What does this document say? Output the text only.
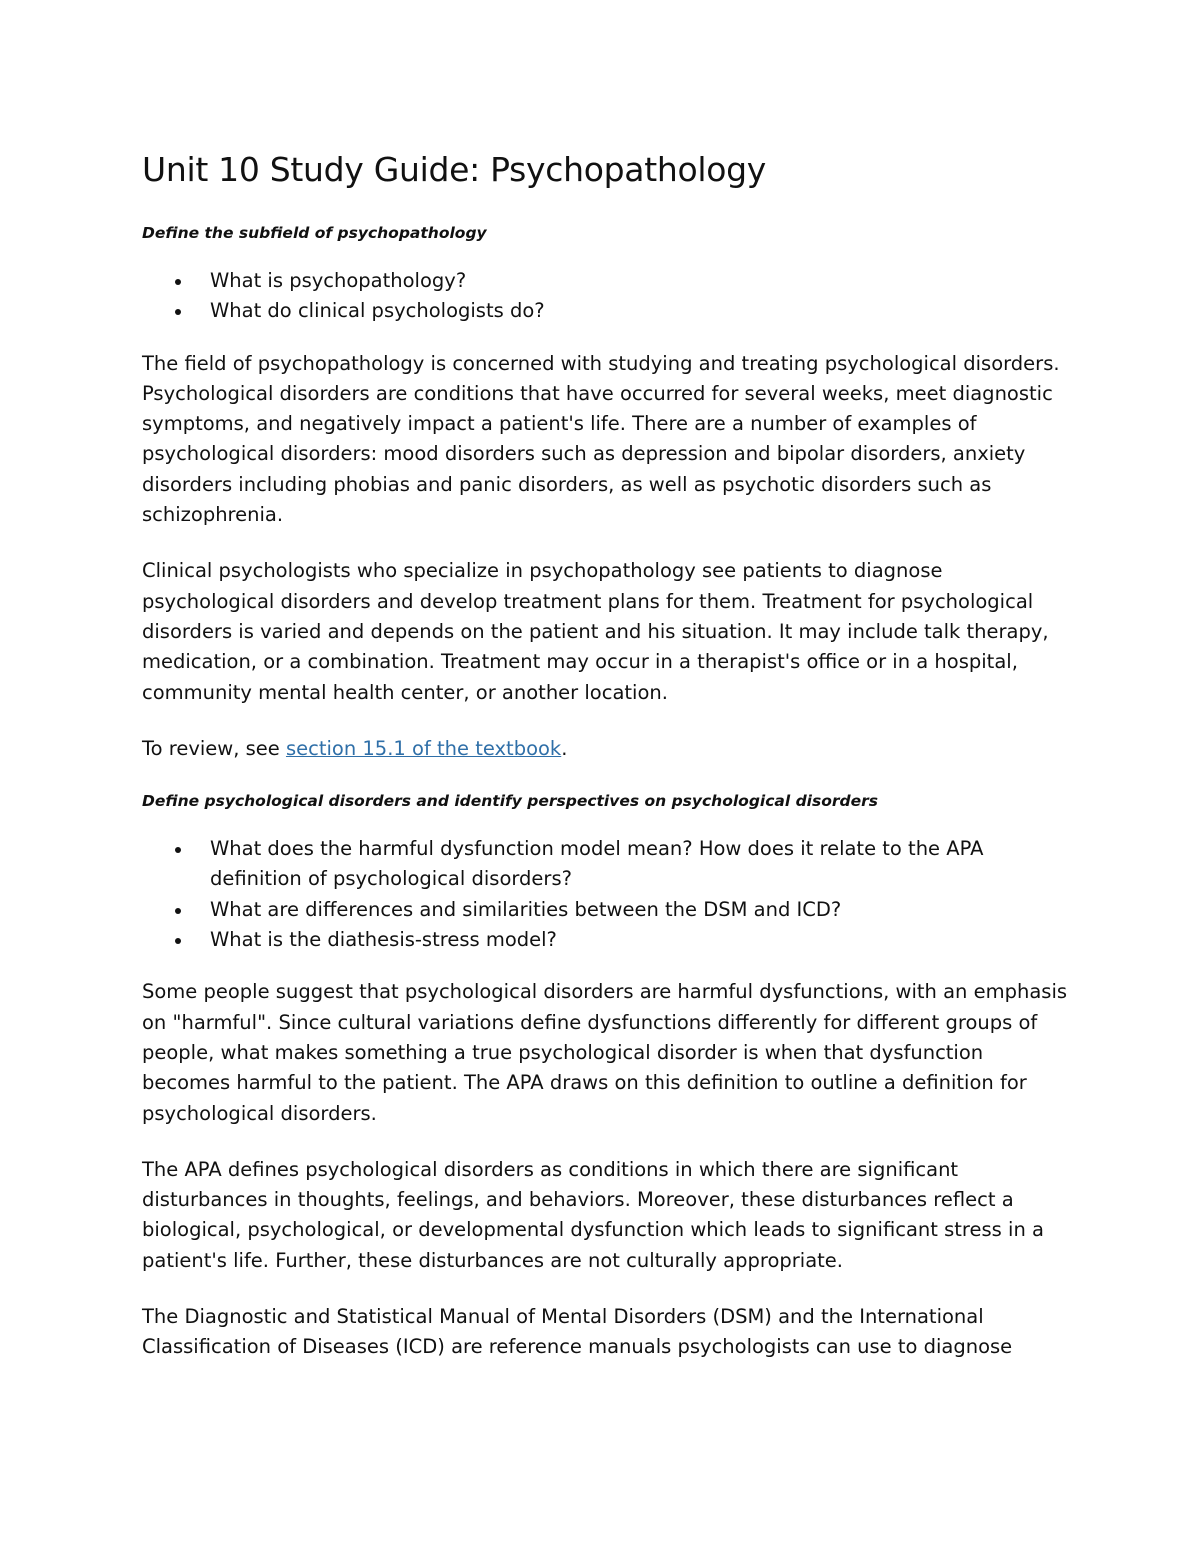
Unit 10 Study Guide: Psychopathology
Define the subfield of psychopathology
What is psychopathology?
What do clinical psychologists do?

The field of psychopathology is concerned with studying and treating psychological disorders. Psychological disorders are conditions that have occurred for several weeks, meet diagnostic symptoms, and negatively impact a patient's life. There are a number of examples of psychological disorders: mood disorders such as depression and bipolar disorders, anxiety disorders including phobias and panic disorders, as well as psychotic disorders such as schizophrenia.

Clinical psychologists who specialize in psychopathology see patients to diagnose psychological disorders and develop treatment plans for them. Treatment for psychological disorders is varied and depends on the patient and his situation. It may include talk therapy, medication, or a combination. Treatment may occur in a therapist's office or in a hospital, community mental health center, or another location.

To review, see section 15.1 of the textbook.

Define psychological disorders and identify perspectives on psychological disorders
What does the harmful dysfunction model mean? How does it relate to the APA definition of psychological disorders?
What are differences and similarities between the DSM and ICD?
What is the diathesis-stress model?

Some people suggest that psychological disorders are harmful dysfunctions, with an emphasis on "harmful". Since cultural variations define dysfunctions differently for different groups of people, what makes something a true psychological disorder is when that dysfunction becomes harmful to the patient. The APA draws on this definition to outline a definition for psychological disorders.

The APA defines psychological disorders as conditions in which there are significant disturbances in thoughts, feelings, and behaviors. Moreover, these disturbances reflect a biological, psychological, or developmental dysfunction which leads to significant stress in a patient's life. Further, these disturbances are not culturally appropriate.

The Diagnostic and Statistical Manual of Mental Disorders (DSM) and the International Classification of Diseases (ICD) are reference manuals psychologists can use to diagnose
